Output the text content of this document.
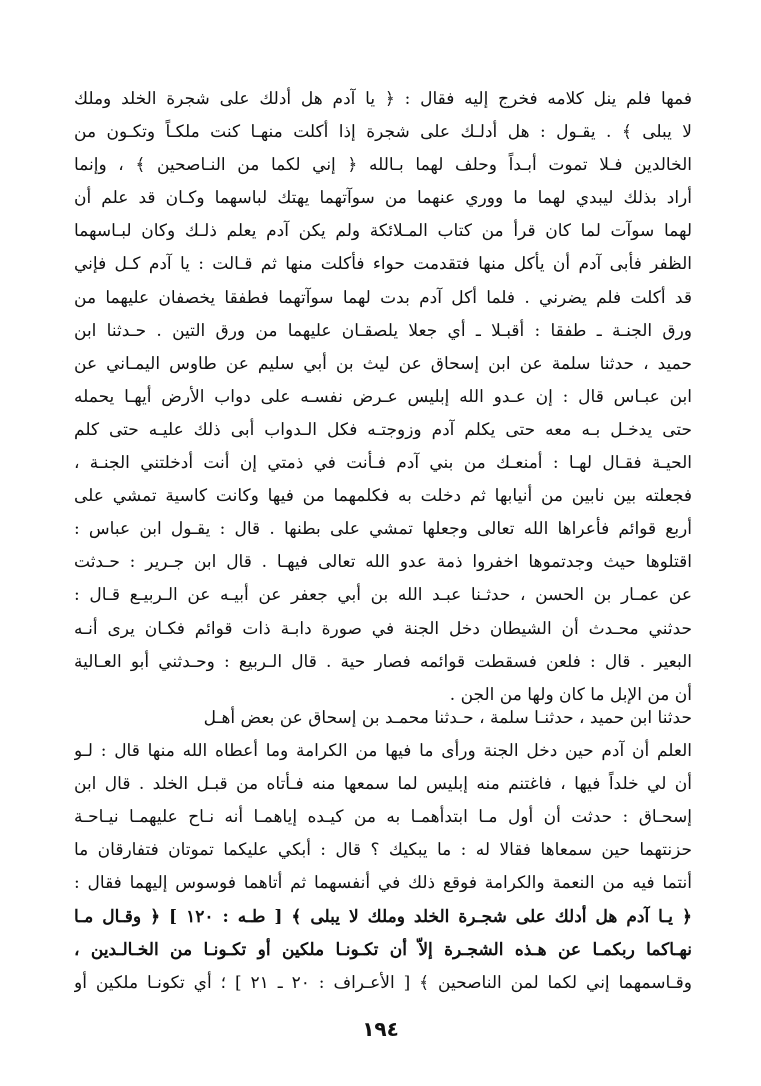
فمها فلم ينل كلامه فخرج إليه فقال : ﴿ يا آدم هل أدلك على شجرة الخلد وملك
لا يبلى ﴾ . يقـول : هل أدلـك على شجرة إذا أكلت منهـا كنت ملكـاً وتكـون من
الخالدين فـلا تموت أبـداً وحلف لهما بـالله ﴿ إني لكما من النـاصحين ﴾ ، وإنما
أراد بذلك ليبدي لهما ما ووري عنهما من سوآتهما يهتك لباسهما وكـان قد علم أن
لهما سوآت لما كان قرأ من كتاب المـلائكة ولم يكن آدم يعلم ذلـك وكان لبـاسهما
الظفر فأبى آدم أن يأكل منها فتقدمت حواء فأكلت منها ثم قـالت : يا آدم كـل فإني
قد أكلت فلم يضرني . فلما أكل آدم بدت لهما سوآتهما فطفقا يخصفان عليهما من
ورق الجنـة ـ طفقا : أقبـلا ـ أي جعلا يلصقـان عليهما من ورق التين . حـدثنا ابن
حميد ، حدثنا سلمة عن ابن إسحاق عن ليث بن أبي سليم عن طاوس اليمـاني عن
ابن عبـاس قال : إن عـدو الله إبليس عـرض نفسـه على دواب الأرض أيهـا يحمله
حتى يدخـل بـه معه حتى يكلم آدم وزوجتـه فكل الـدواب أبى ذلك عليـه حتى كلم
الحيـة فقـال لهـا : أمنعـك من بني آدم فـأنت في ذمتي إن أنت أدخلتني الجنـة ،
فجعلته بين نابين من أنيابها ثم دخلت به فكلمهما من فيها وكانت كاسية تمشي على
أربع قوائم فأعراها الله تعالى وجعلها تمشي على بطنها . قال : يقـول ابن عباس :
اقتلوها حيث وجدتموها اخفروا ذمة عدو الله تعالى فيهـا . قال ابن جـرير : حـدثت
عن عمـار بن الحسن ، حدثـنا عبـد الله بن أبي جعفر عن أبيـه عن الـربيـع قـال :
حدثني محـدث أن الشيطان دخل الجنة في صورة دابـة ذات قوائم فكـان يرى أنـه
البعير . قال : فلعن فسقطت قوائمه فصار حية . قال الـربيع : وحـدثني أبو العـالية
أن من الإبل ما كان ولها من الجن .
حدثنا ابن حميد ، حدثنـا سلمة ، حـدثنا محمـد بن إسحاق عن بعض أهـل
العلم أن آدم حين دخل الجنة ورأى ما فيها من الكرامة وما أعطاه الله منها قال : لـو
أن لي خلداً فيها ، فاغتنم منه إبليس لما سمعها منه فـأتاه من قبـل الخلد . قال ابن
إسحـاق : حدثت أن أول مـا ابتدأهمـا به من كيـده إياهمـا أنه نـاح عليهمـا نيـاحـة
حزنتهما حين سمعاها فقالا له : ما يبكيك ؟ قال : أبكي عليكما تموتان فتفارقان ما
أنتما فيه من النعمة والكرامة فوقع ذلك في أنفسهما ثم أتاهما فوسوس إليهما فقال :
﴿ يـا آدم هل أدلك على شجـرة الخلد وملك لا يبلى ﴾ [ طـه : ١٢٠ ] ﴿ وقـال مـا
نهـاكما ربكمـا عن هـذه الشجـرة إلاّ أن تكـونـا ملكين أو تكـونـا من الخـالـدين ،
وقـاسمهما إني لكما لمن الناصحين ﴾ [ الأعـراف : ٢٠ ـ ٢١ ] ؛ أي تكونـا ملكين أو
١٩٤
